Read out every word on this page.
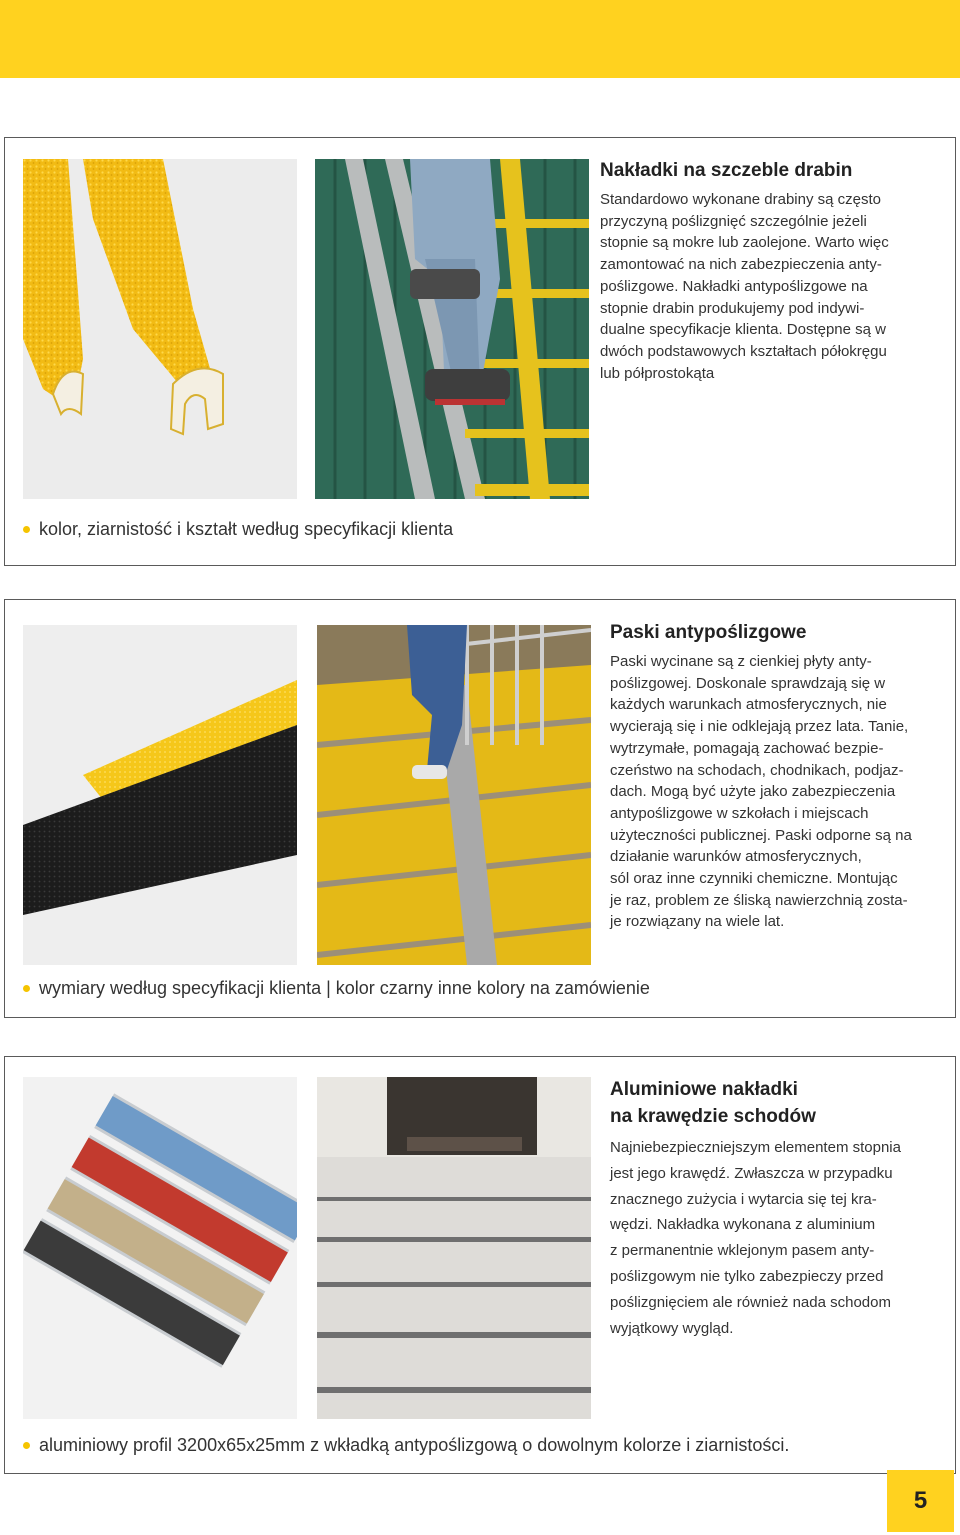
Nakładki na szczeble drabin

Standardowo wykonane drabiny są często
przyczyną poślizgnięć szczególnie jeżeli
stopnie są mokre lub zaolejone. Warto więc
zamontować na nich zabezpieczenia anty-
poślizgowe. Nakładki antypoślizgowe na
stopnie drabin produkujemy pod indywi-
dualne specyfikacje klienta. Dostępne są w
dwóch podstawowych kształtach półokręgu
lub półprostokąta

kolor, ziarnistość i kształt według specyfikacji klienta
Paski antypoślizgowe

Paski wycinane są z cienkiej płyty anty-
poślizgowej. Doskonale sprawdzają się w
każdych warunkach atmosferycznych, nie
wycierają się i nie odklejają przez lata. Tanie,
wytrzymałe, pomagają zachować bezpie-
czeństwo na schodach, chodnikach, podjaz-
dach. Mogą być użyte jako zabezpieczenia
antypoślizgowe w szkołach i miejscach
użyteczności publicznej. Paski odporne są na
działanie warunków atmosferycznych,
sól oraz inne czynniki chemiczne. Montując
je raz, problem ze śliską nawierzchnią zosta-
je rozwiązany na wiele lat.

wymiary według specyfikacji klienta | kolor czarny inne kolory na zamówienie
Aluminiowe nakładki
na krawędzie schodów

Najniebezpieczniejszym elementem stopnia
jest jego krawędź. Zwłaszcza w przypadku
znacznego zużycia i wytarcia się tej kra-
wędzi. Nakładka wykonana z aluminium
z permanentnie wklejonym pasem anty-
poślizgowym nie tylko zabezpieczy przed
poślizgnięciem ale również nada schodom
wyjątkowy wygląd.

aluminiowy profil 3200x65x25mm z wkładką antypoślizgową o dowolnym kolorze i ziarnistości.
5
